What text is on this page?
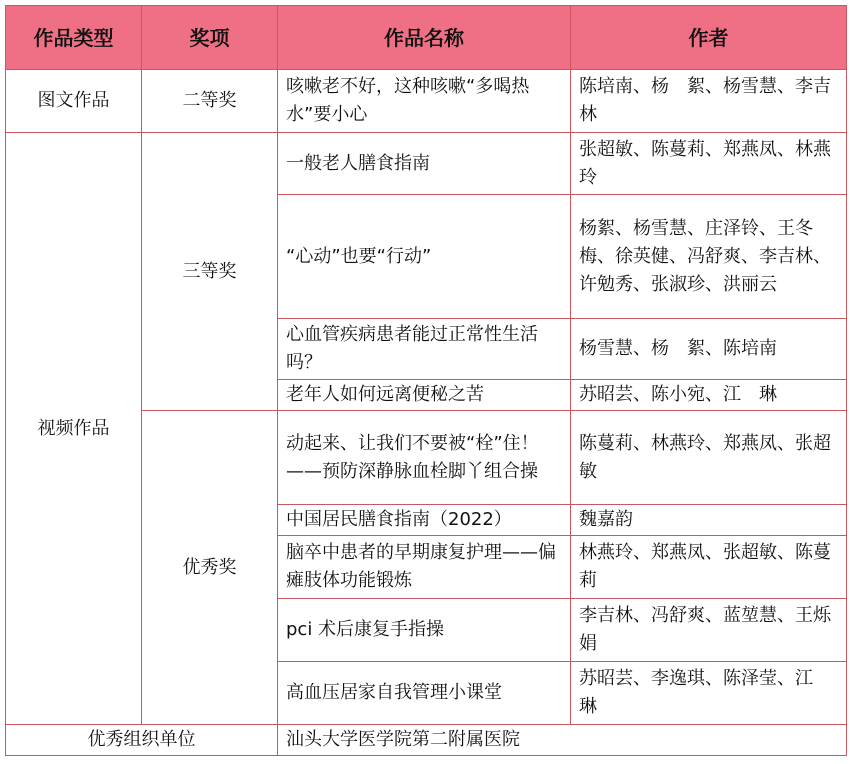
作品类型	奖项	作品名称	作者
图文作品	二等奖	咳嗽老不好，这种咳嗽“多喝热水”要小心	陈培南、杨　絮、杨雪慧、李吉林
视频作品	三等奖	一般老人膳食指南	张超敏、陈蔓莉、郑燕凤、林燕玲
		“心动”也要“行动”	杨絮、杨雪慧、庄泽铃、王冬梅、徐英健、冯舒爽、李吉林、许勉秀、张淑珍、洪丽云
		心血管疾病患者能过正常性生活吗？	杨雪慧、杨　絮、陈培南
		老年人如何远离便秘之苦	苏昭芸、陈小宛、江　琳
	优秀奖	动起来、让我们不要被“栓”住！——预防深静脉血栓脚丫组合操	陈蔓莉、林燕玲、郑燕凤、张超敏
		中国居民膳食指南（2022）	魏嘉韵
		脑卒中患者的早期康复护理——偏瘫肢体功能锻炼	林燕玲、郑燕凤、张超敏、陈蔓莉
		pci 术后康复手指操	李吉林、冯舒爽、蓝堃慧、王烁娟
		高血压居家自我管理小课堂	苏昭芸、李逸琪、陈泽莹、江　琳
优秀组织单位		汕头大学医学院第二附属医院	
